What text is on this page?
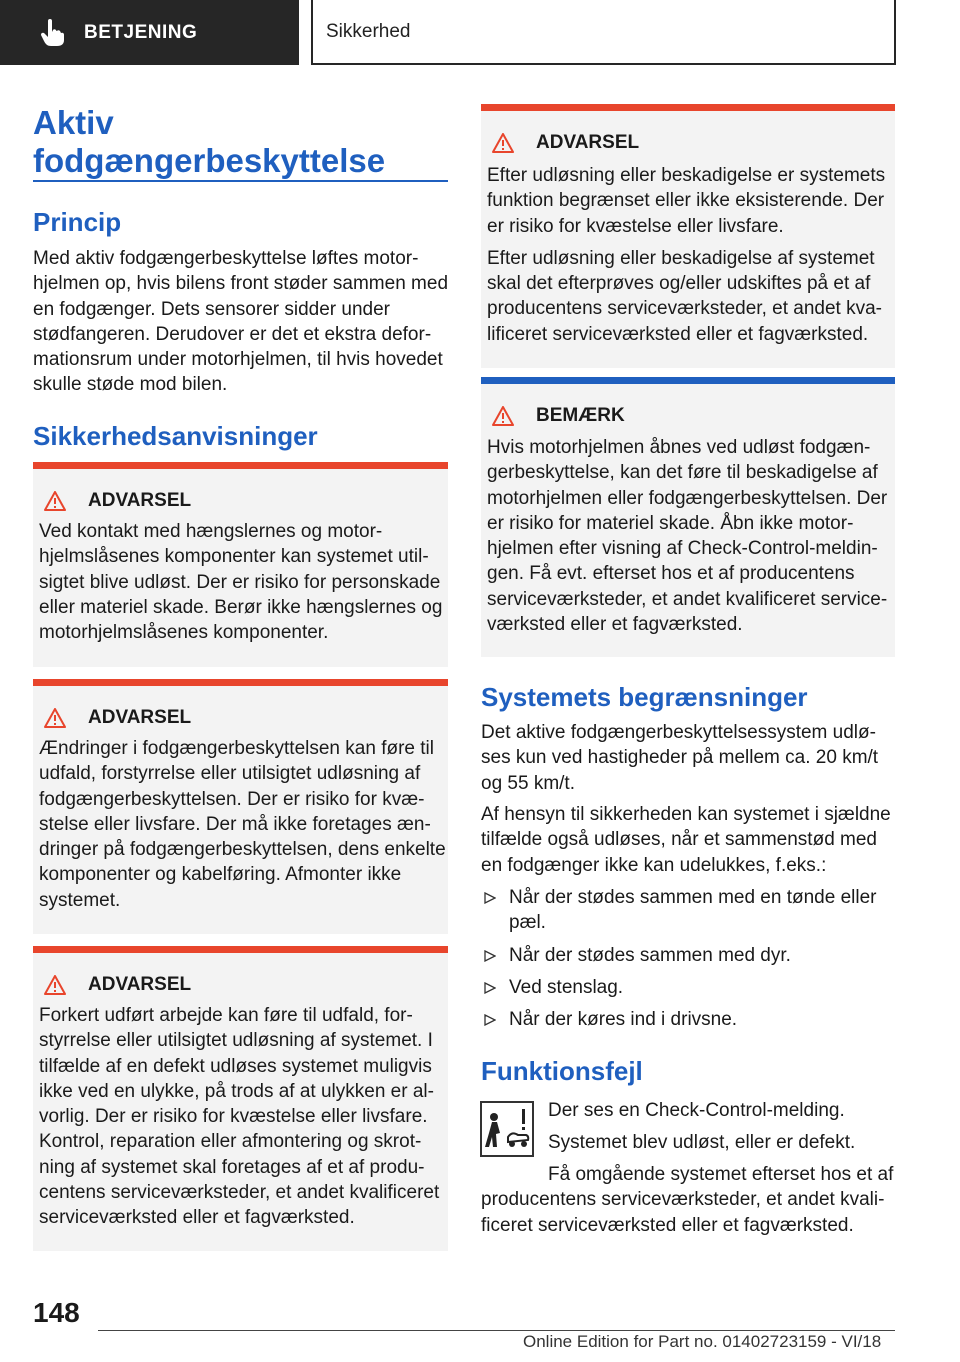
BETJENING	Sikkerhed
Aktiv fodgængerbeskyttelse
Princip
Med aktiv fodgængerbeskyttelse løftes motorhjelmen op, hvis bilens front støder sammen med en fodgænger. Dets sensorer sidder under stødfangeren. Derudover er det et ekstra deformationsrum under motorhjelmen, til hvis hovedet skulle støde mod bilen.
Sikkerhedsanvisninger
ADVARSEL
Ved kontakt med hængslernes og motorhjelmslåsenes komponenter kan systemet utilsigtet blive udløst. Der er risiko for personskade eller materiel skade. Berør ikke hængslernes og motorhjelmslåsenes komponenter.
ADVARSEL
Ændringer i fodgængerbeskyttelsen kan føre til udfald, forstyrrelse eller utilsigtet udløsning af fodgængerbeskyttelsen. Der er risiko for kvæstelse eller livsfare. Der må ikke foretages ændringer på fodgængerbeskyttelsen, dens enkelte komponenter og kabelføring. Afmonter ikke systemet.
ADVARSEL
Forkert udført arbejde kan føre til udfald, forstyrrelse eller utilsigtet udløsning af systemet. I tilfælde af en defekt udløses systemet muligvis ikke ved en ulykke, på trods af at ulykken er alvorlig. Der er risiko for kvæstelse eller livsfare. Kontrol, reparation eller afmontering og skrotning af systemet skal foretages af et af producentens serviceværksteder, et andet kvalificeret serviceværksted eller et fagværksted.
ADVARSEL

Efter udløsning eller beskadigelse er systemets funktion begrænset eller ikke eksisterende. Der er risiko for kvæstelse eller livsfare.

Efter udløsning eller beskadigelse af systemet skal det efterprøves og/eller udskiftes på et af producentens serviceværksteder, et andet kvalificeret serviceværksted eller et fagværksted.

BEMÆRK
Hvis motorhjelmen åbnes ved udløst fodgængerbeskyttelse, kan det føre til beskadigelse af motorhjelmen eller fodgængerbeskyttelsen. Der er risiko for materiel skade. Åbn ikke motorhjelmen efter visning af Check-Control-meldingen. Få evt. efterset hos et af producentens serviceværksteder, et andet kvalificeret serviceværksted eller et fagværksted.
Systemets begrænsninger
Det aktive fodgængerbeskyttelsessystem udløses kun ved hastigheder på mellem ca. 20 km/t og 55 km/t.
Af hensyn til sikkerheden kan systemet i sjældne tilfælde også udløses, når et sammenstød med en fodgænger ikke kan udelukkes, f.eks.:
Når der stødes sammen med en tønde eller pæl.
Når der stødes sammen med dyr.
Ved stenslag.
Når der køres ind i drivsne.
Funktionsfejl
Der ses en Check-Control-melding.
Systemet blev udløst, eller er defekt.
Få omgående systemet efterset hos et af producentens serviceværksteder, et andet kvalificeret serviceværksted eller et fagværksted.
148
Online Edition for Part no. 01402723159 - VI/18
